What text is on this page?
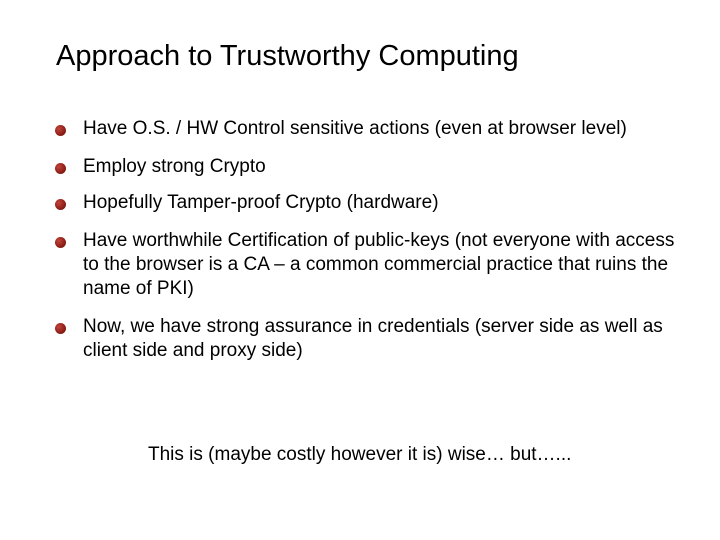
Approach to Trustworthy Computing
Have O.S. / HW Control sensitive actions (even at browser level)
Employ strong Crypto
Hopefully Tamper-proof Crypto (hardware)
Have worthwhile Certification of public-keys (not everyone with access to the browser is a CA – a common commercial practice that ruins the name of PKI)
Now, we have strong assurance in credentials (server side as well as client side and proxy side)
This is (maybe costly however it is) wise… but…...
